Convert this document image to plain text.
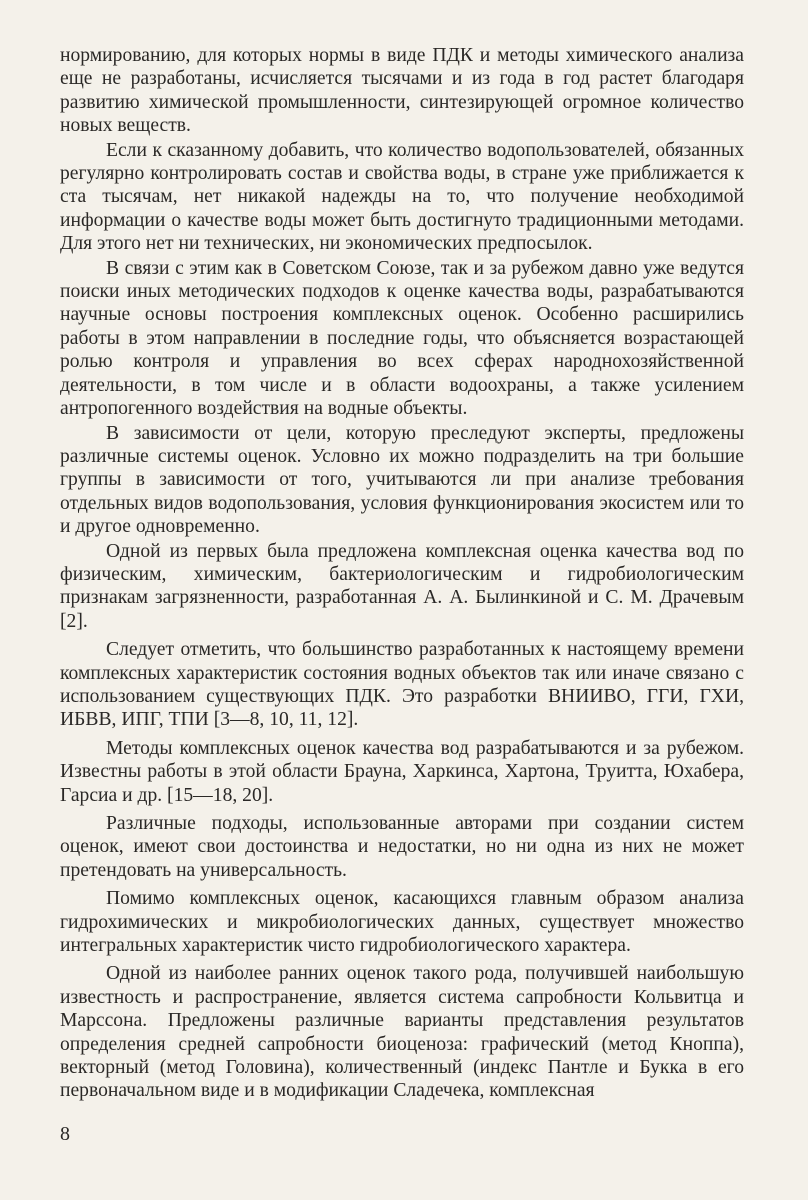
нормированию, для которых нормы в виде ПДК и методы химического анализа еще не разработаны, исчисляется тысячами и из года в год растет благодаря развитию химической промышленности, синтезирующей огромное количество новых веществ.

Если к сказанному добавить, что количество водопользователей, обязанных регулярно контролировать состав и свойства воды, в стране уже приближается к ста тысячам, нет никакой надежды на то, что получение необходимой информации о качестве воды может быть достигнуто традиционными методами. Для этого нет ни технических, ни экономических предпосылок.

В связи с этим как в Советском Союзе, так и за рубежом давно уже ведутся поиски иных методических подходов к оценке качества воды, разрабатываются научные основы построения комплексных оценок. Особенно расширились работы в этом направлении в последние годы, что объясняется возрастающей ролью контроля и управления во всех сферах народнохозяйственной деятельности, в том числе и в области водоохраны, а также усилением антропогенного воздействия на водные объекты.

В зависимости от цели, которую преследуют эксперты, предложены различные системы оценок. Условно их можно подразделить на три большие группы в зависимости от того, учитываются ли при анализе требования отдельных видов водопользования, условия функционирования экосистем или то и другое одновременно.

Одной из первых была предложена комплексная оценка качества вод по физическим, химическим, бактериологическим и гидробиологическим признакам загрязненности, разработанная А. А. Былинкиной и С. М. Драчевым [2].

Следует отметить, что большинство разработанных к настоящему времени комплексных характеристик состояния водных объектов так или иначе связано с использованием существующих ПДК. Это разработки ВНИИВО, ГГИ, ГХИ, ИБВВ, ИПГ, ТПИ [3—8, 10, 11, 12].

Методы комплексных оценок качества вод разрабатываются и за рубежом. Известны работы в этой области Брауна, Харкинса, Хартона, Труитта, Юхабера, Гарсиа и др. [15—18, 20].

Различные подходы, использованные авторами при создании систем оценок, имеют свои достоинства и недостатки, но ни одна из них не может претендовать на универсальность.

Помимо комплексных оценок, касающихся главным образом анализа гидрохимических и микробиологических данных, существует множество интегральных характеристик чисто гидробиологического характера.

Одной из наиболее ранних оценок такого рода, получившей наибольшую известность и распространение, является система сапробности Кольвитца и Марссона. Предложены различные варианты представления результатов определения средней сапробности биоценоза: графический (метод Кноппа), векторный (метод Головина), количественный (индекс Пантле и Букка в его первоначальном виде и в модификации Сладечека, комплексная

8
